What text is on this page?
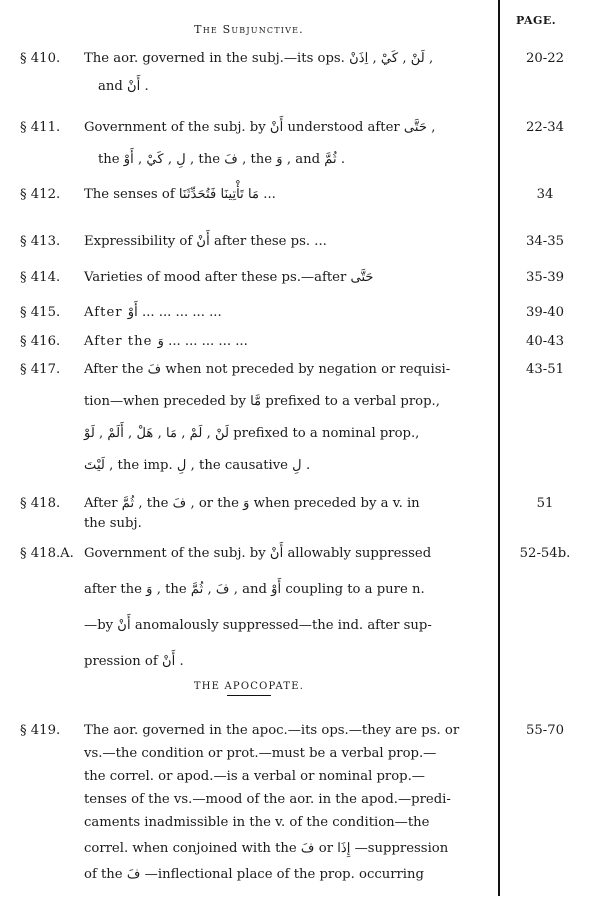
PAGE.
The Subjunctive.
§ 410. The aor. governed in the subj.—its ops. لَنْ , كَيْ , اِذَنْ ,
and أَنْ .
20-22
§ 411. Government of the subj. by أَنْ understood after حَتَّى ,
the لِ , كَيْ , أَوْ , the فَ , the وَ , and ثُمَّ .
22-34
§ 412. The senses of مَا تَأْتِينَا فَتُحَدِّثَنَا ...	34
§ 413. Expressibility of أَنْ after these ps. ...	34-35
§ 414. Varieties of mood after these ps.—after حَتَّى	35-39
§ 415. After أَوْ ... ... ... ... ...	39-40
§ 416. After the وَ ... ... ... ... ...	40-43
§ 417. After the فَ when not preceded by negation or requisi-
tion—when preceded by مَّا prefixed to a verbal prop.,
لَنْ , لَمْ , مَا , هَلْ , أَلَمْ , لَوْ prefixed to a nominal prop.,
لَيْتَ , the imp. لِ , the causative لِ .
43-51
§ 418. After ثُمَّ , the فَ , or the وَ when preceded by a v. in
the subj.
51
§ 418.A. Government of the subj. by أَنْ allowably suppressed
after the وَ , the فَ , ثُمَّ , and أَوْ coupling to a pure n.
—by أَنْ anomalously suppressed—the ind. after sup-
pression of أَنْ .
52-54b.
THE APOCOPATE.
§ 419. The aor. governed in the apoc.—its ops.—they are ps. or
vs.—the condition or prot.—must be a verbal prop.—
the correl. or apod.—is a verbal or nominal prop.—
tenses of the vs.—mood of the aor. in the apod.—predi-
caments inadmissible in the v. of the condition—the
correl. when conjoined with the فَ or إِذَا —suppression
of the فَ —inflectional place of the prop. occurring
55-70
